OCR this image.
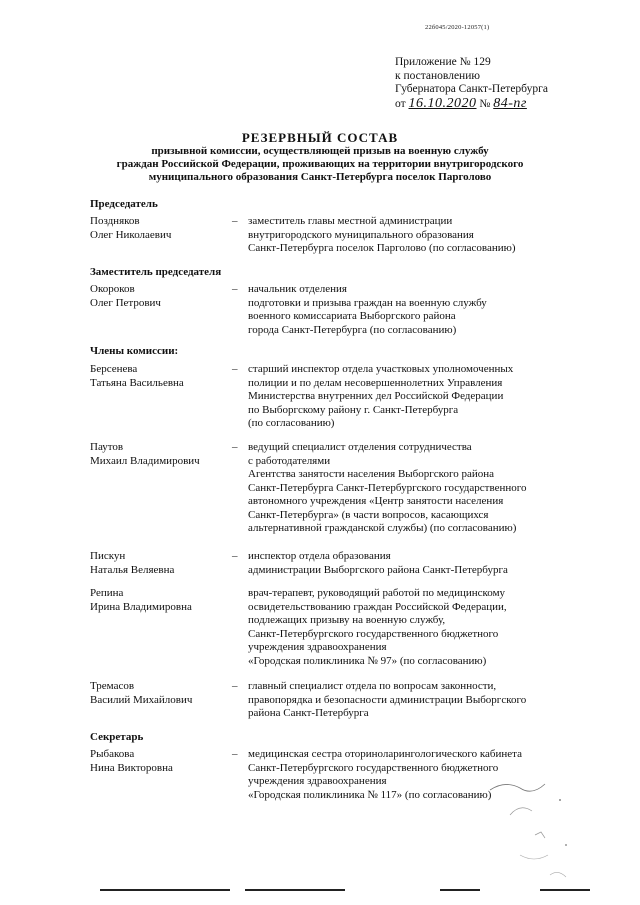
22б045/2020-12057(1)
Приложение № 129
к постановлению
Губернатора Санкт-Петербурга
от 16.10.2020 № 84-пг
РЕЗЕРВНЫЙ СОСТАВ
призывной комиссии, осуществляющей призыв на военную службу
граждан Российской Федерации, проживающих на территории внутригородского
муниципального образования Санкт-Петербурга поселок Парголово
Председатель
Поздняков
Олег Николаевич
– заместитель главы местной администрации
внутригородского муниципального образования
Санкт-Петербурга поселок Парголово (по согласованию)
Заместитель председателя
Окороков
Олег Петрович
– начальник отделения
подготовки и призыва граждан на военную службу
военного комиссариата Выборгского района
города Санкт-Петербурга (по согласованию)
Члены комиссии:
Берсенева
Татьяна Васильевна
– старший инспектор отдела участковых уполномоченных
полиции и по делам несовершеннолетних Управления
Министерства внутренних дел Российской Федерации
по Выборгскому району г. Санкт-Петербурга
(по согласованию)
Паутов
Михаил Владимирович
– ведущий специалист отделения сотрудничества
с работодателями
Агентства занятости населения Выборгского района
Санкт-Петербурга Санкт-Петербургского государственного
автономного учреждения «Центр занятости населения
Санкт-Петербурга» (в части вопросов, касающихся
альтернативной гражданской службы) (по согласованию)
Пискун
Наталья Веляевна
– инспектор отдела образования
администрации Выборгского района Санкт-Петербурга
Репина
Ирина Владимировна
врач-терапевт, руководящий работой по медицинскому
освидетельствованию граждан Российской Федерации,
подлежащих призыву на военную службу,
Санкт-Петербургского государственного бюджетного
учреждения здравоохранения
«Городская поликлиника № 97» (по согласованию)
Тремасов
Василий Михайлович
– главный специалист отдела по вопросам законности,
правопорядка и безопасности администрации Выборгского
района Санкт-Петербурга
Секретарь
Рыбакова
Нина Викторовна
– медицинская сестра оториноларингологического кабинета
Санкт-Петербургского государственного бюджетного
учреждения здравоохранения
«Городская поликлиника № 117» (по согласованию)
